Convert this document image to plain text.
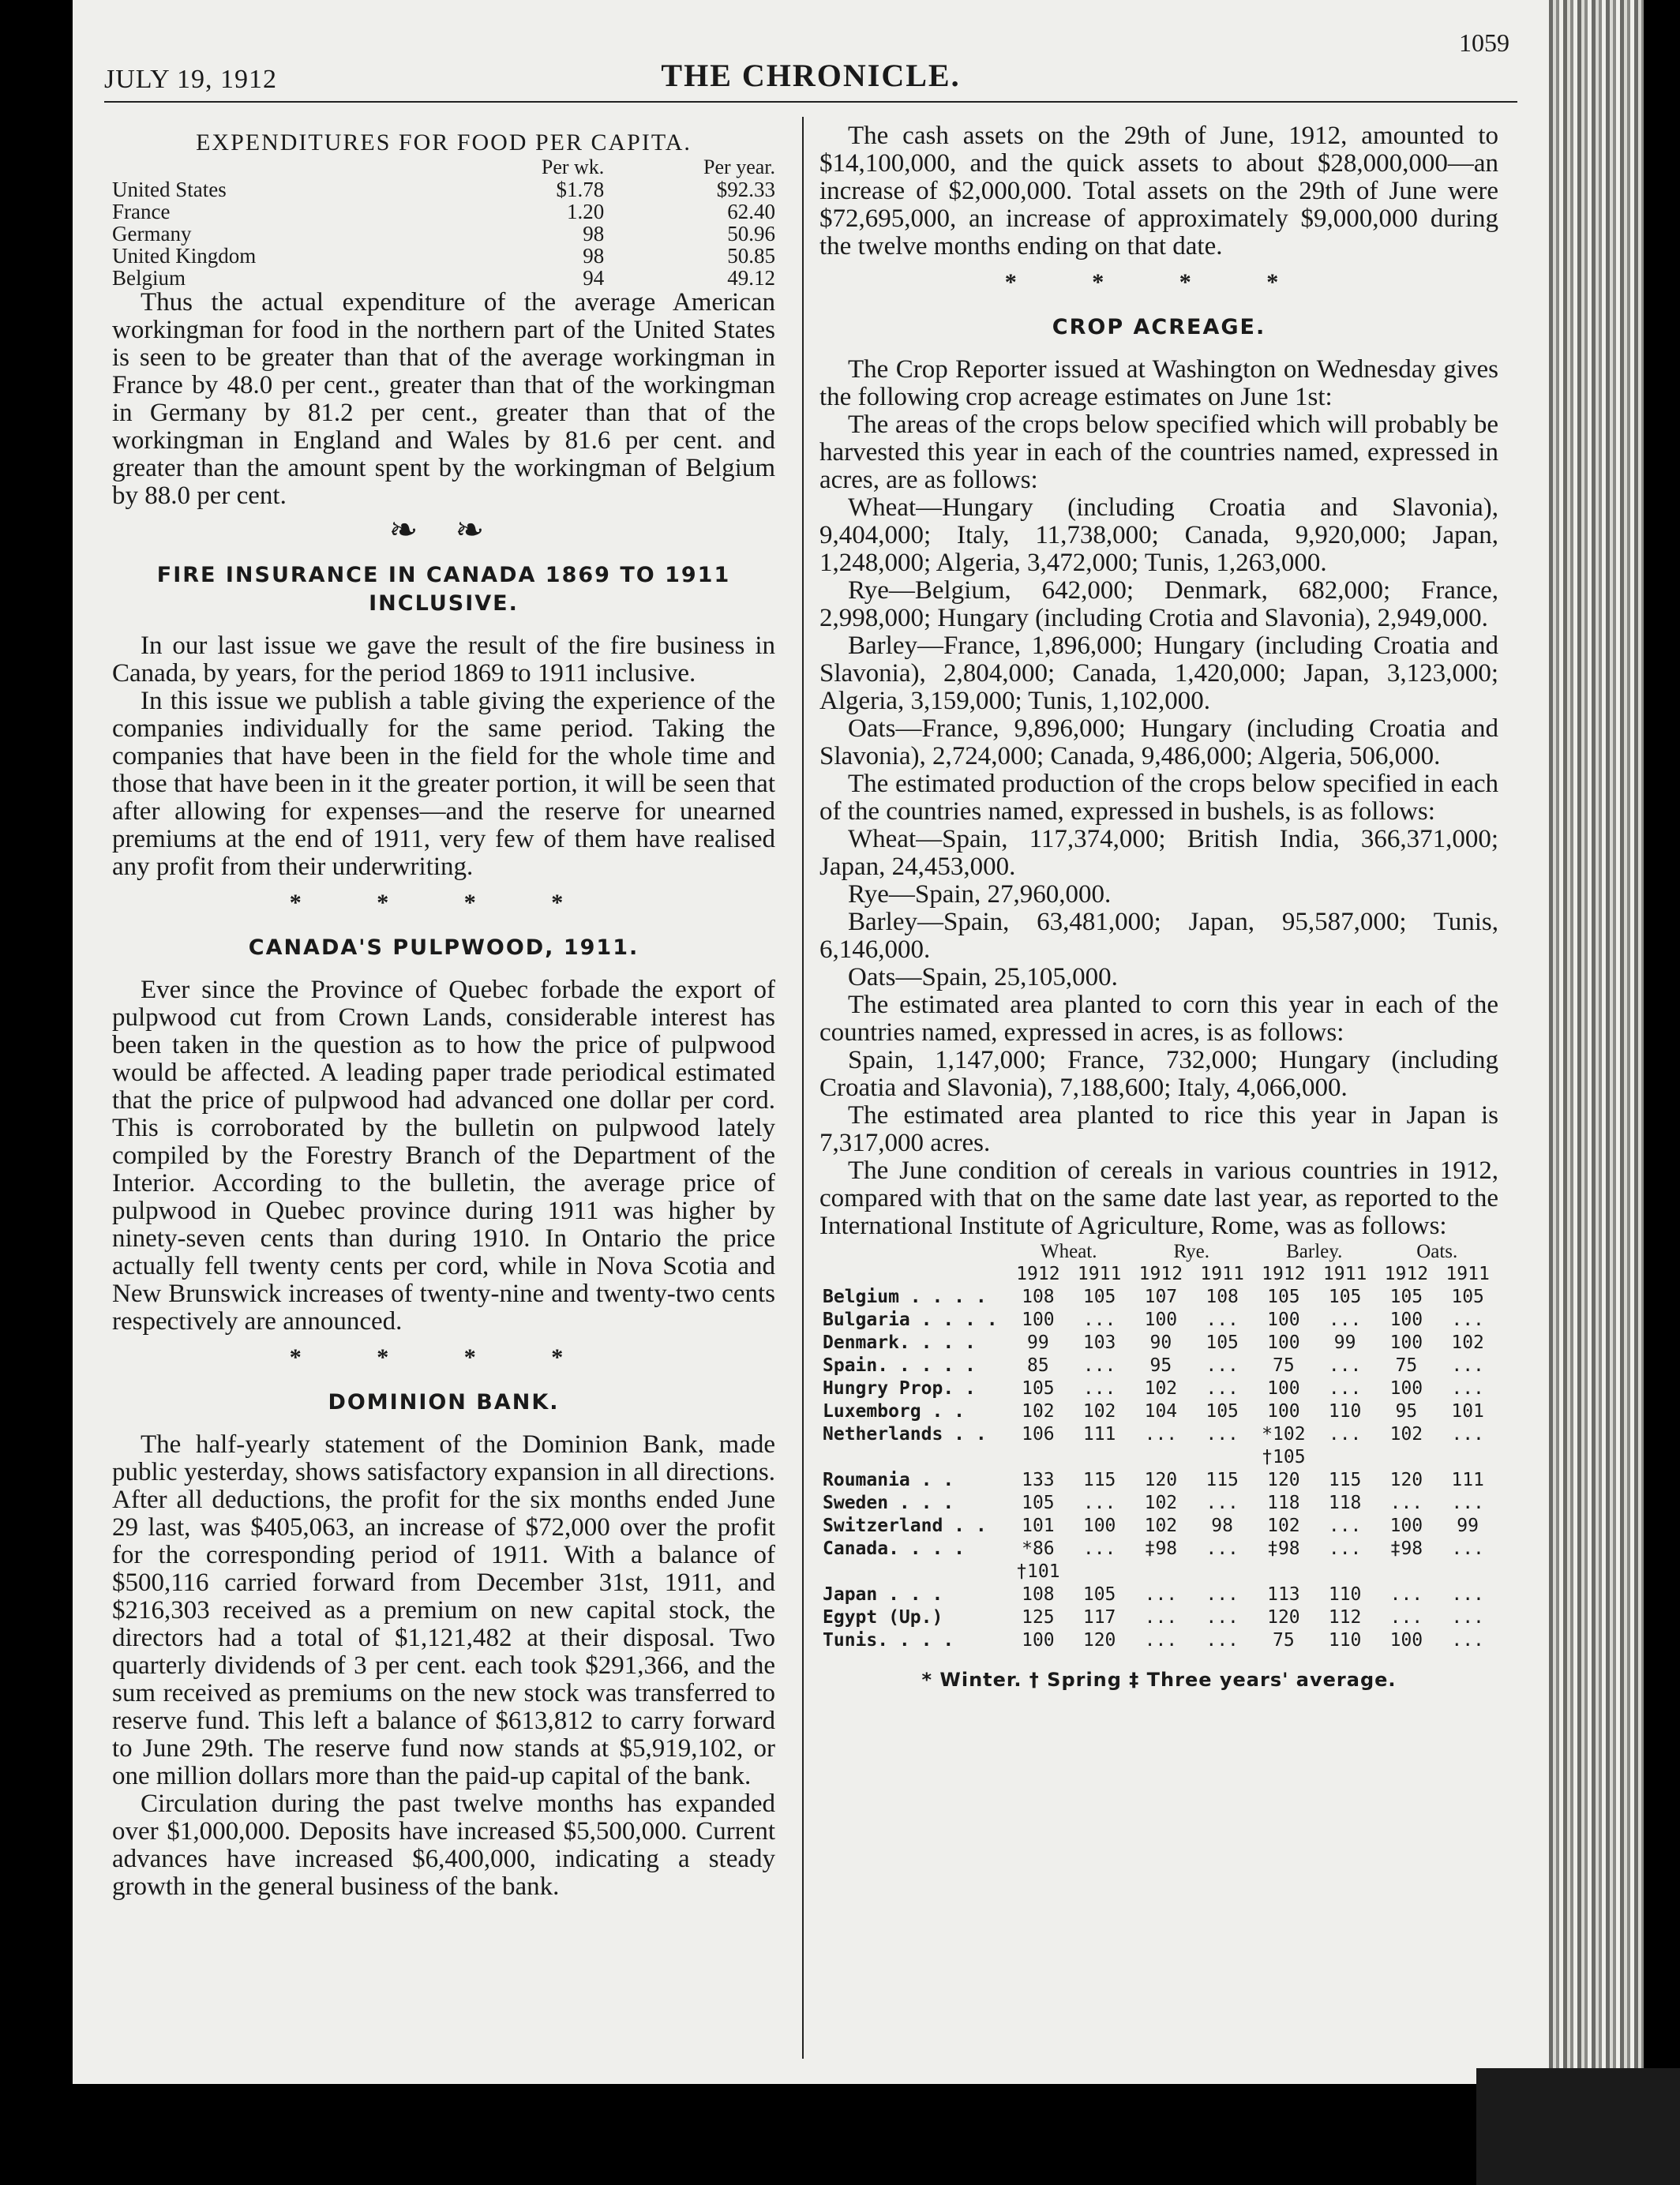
JULY 19, 1912	THE CHRONICLE.
1059
EXPENDITURES FOR FOOD PER CAPITA.
	Per wk.	Per year.
United States	$1.78	$92.33
France	1.20	62.40
Germany	98	50.96
United Kingdom	98	50.85
Belgium	94	49.12

Thus the actual expenditure of the average American workingman for food in the northern part of the United States is seen to be greater than that of the average workingman in France by 48.0 per cent., greater than that of the workingman in Germany by 81.2 per cent., greater than that of the workingman in England and Wales by 81.6 per cent. and greater than the amount spent by the workingman of Belgium by 88.0 per cent.

❧ ❧
FIRE INSURANCE IN CANADA 1869 TO 1911 INCLUSIVE.

In our last issue we gave the result of the fire business in Canada, by years, for the period 1869 to 1911 inclusive.

In this issue we publish a table giving the experience of the companies individually for the same period. Taking the companies that have been in the field for the whole time and those that have been in it the greater portion, it will be seen that after allowing for expenses—and the reserve for unearned premiums at the end of 1911, very few of them have realised any profit from their underwriting.

* * * *
CANADA'S PULPWOOD, 1911.

Ever since the Province of Quebec forbade the export of pulpwood cut from Crown Lands, considerable interest has been taken in the question as to how the price of pulpwood would be affected. A leading paper trade periodical estimated that the price of pulpwood had advanced one dollar per cord. This is corroborated by the bulletin on pulpwood lately compiled by the Forestry Branch of the Department of the Interior. According to the bulletin, the average price of pulpwood in Quebec province during 1911 was higher by ninety-seven cents than during 1910. In Ontario the price actually fell twenty cents per cord, while in Nova Scotia and New Brunswick increases of twenty-nine and twenty-two cents respectively are announced.

* * * *
DOMINION BANK.

The half-yearly statement of the Dominion Bank, made public yesterday, shows satisfactory expansion in all directions. After all deductions, the profit for the six months ended June 29 last, was $405,063, an increase of $72,000 over the profit for the corresponding period of 1911. With a balance of $500,116 carried forward from December 31st, 1911, and $216,303 received as a premium on new capital stock, the directors had a total of $1,121,482 at their disposal. Two quarterly dividends of 3 per cent. each took $291,366, and the sum received as premiums on the new stock was transferred to reserve fund. This left a balance of $613,812 to carry forward to June 29th. The reserve fund now stands at $5,919,102, or one million dollars more than the paid-up capital of the bank.

Circulation during the past twelve months has expanded over $1,000,000. Deposits have increased $5,500,000. Current advances have increased $6,400,000, indicating a steady growth in the general business of the bank.

The cash assets on the 29th of June, 1912, amounted to $14,100,000, and the quick assets to about $28,000,000—an increase of $2,000,000. Total assets on the 29th of June were $72,695,000, an increase of approximately $9,000,000 during the twelve months ending on that date.

* * * *
CROP ACREAGE.

The Crop Reporter issued at Washington on Wednesday gives the following crop acreage estimates on June 1st:

The areas of the crops below specified which will probably be harvested this year in each of the countries named, expressed in acres, are as follows:

Wheat—Hungary (including Croatia and Slavonia), 9,404,000; Italy, 11,738,000; Canada, 9,920,000; Japan, 1,248,000; Algeria, 3,472,000; Tunis, 1,263,000.

Rye—Belgium, 642,000; Denmark, 682,000; France, 2,998,000; Hungary (including Crotia and Slavonia), 2,949,000.

Barley—France, 1,896,000; Hungary (including Croatia and Slavonia), 2,804,000; Canada, 1,420,000; Japan, 3,123,000; Algeria, 3,159,000; Tunis, 1,102,000.

Oats—France, 9,896,000; Hungary (including Croatia and Slavonia), 2,724,000; Canada, 9,486,000; Algeria, 506,000.

The estimated production of the crops below specified in each of the countries named, expressed in bushels, is as follows:

Wheat—Spain, 117,374,000; British India, 366,371,000; Japan, 24,453,000.

Rye—Spain, 27,960,000.

Barley—Spain, 63,481,000; Japan, 95,587,000; Tunis, 6,146,000.

Oats—Spain, 25,105,000.

The estimated area planted to corn this year in each of the countries named, expressed in acres, is as follows:

Spain, 1,147,000; France, 732,000; Hungary (including Croatia and Slavonia), 7,188,600; Italy, 4,066,000.

The estimated area planted to rice this year in Japan is 7,317,000 acres.

The June condition of cereals in various countries in 1912, compared with that on the same date last year, as reported to the International Institute of Agriculture, Rome, was as follows:

	Wheat.		Rye.		Barley.		Oats.	
	1912	1911	1912	1911	1912	1911	1912	1911
Belgium . . . .	108	105	107	108	105	105	105	105
Bulgaria . . . .	100	...	100	...	100	...	100	...
Denmark. . . .	99	103	90	105	100	99	100	102
Spain. . . . .	85	...	95	...	75	...	75	...
Hungry Prop. .	105	...	102	...	100	...	100	...
Luxemborg . .	102	102	104	105	100	110	95	101
Netherlands . .	106	111	...	...	*102	...	102	...
					†105			
Roumania . .	133	115	120	115	120	115	120	111
Sweden . . .	105	...	102	...	118	118	...	...
Switzerland . .	101	100	102	98	102	...	100	99
Canada. . . .	*86	...	‡98	...	‡98	...	‡98	...
	†101							
Japan . . .	108	105	...	...	113	110	...	...
Egypt (Up.)	125	117	...	...	120	112	...	...
Tunis. . . .	100	120	...	...	75	110	100	...
* Winter. † Spring ‡ Three years' average.
